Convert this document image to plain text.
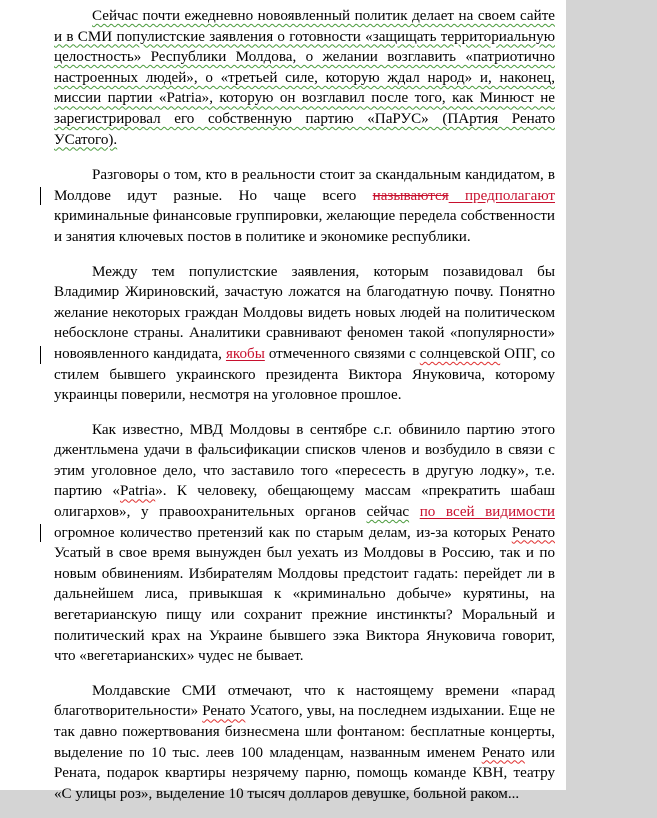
Сейчас почти ежедневно новоявленный политик делает на своем сайте и в СМИ популистские заявления о готовности «защищать территориальную целостность» Республики Молдова, о желании возглавить «патриотично настроенных людей», о «третьей силе, которую ждал народ» и, наконец, миссии партии «Patria», которую он возглавил после того, как Минюст не зарегистрировал его собственную партию «ПаРУС» (ПАртия Ренато УСатого).

Разговоры о том, кто в реальности стоит за скандальным кандидатом, в Молдове идут разные. Но чаще всего называются предполагают криминальные финансовые группировки, желающие передела собственности и занятия ключевых постов в политике и экономике республики.

Между тем популистские заявления, которым позавидовал бы Владимир Жириновский, зачастую ложатся на благодатную почву. Понятно желание некоторых граждан Молдовы видеть новых людей на политическом небосклоне страны. Аналитики сравнивают феномен такой «популярности» новоявленного кандидата, якобы отмеченного связями с солнцевской ОПГ, со стилем бывшего украинского президента Виктора Януковича, которому украинцы поверили, несмотря на уголовное прошлое.

Как известно, МВД Молдовы в сентябре с.г. обвинило партию этого джентльмена удачи в фальсификации списков членов и возбудило в связи с этим уголовное дело, что заставило того «пересесть в другую лодку», т.е. партию «Patria». К человеку, обещающему массам «прекратить шабаш олигархов», у правоохранительных органов сейчас по всей видимости огромное количество претензий как по старым делам, из-за которых Ренато Усатый в свое время вынужден был уехать из Молдовы в Россию, так и по новым обвинениям. Избирателям Молдовы предстоит гадать: перейдет ли в дальнейшем лиса, привыкшая к «криминально добыче» курятины, на вегетарианскую пищу или сохранит прежние инстинкты? Моральный и политический крах на Украине бывшего зэка Виктора Януковича говорит, что «вегетарианских» чудес не бывает.

Молдавские СМИ отмечают, что к настоящему времени «парад благотворительности» Ренато Усатого, увы, на последнем издыхании. Еще не так давно пожертвования бизнесмена шли фонтаном: бесплатные концерты, выделение по 10 тыс. леев 100 младенцам, названным именем Ренато или Рената, подарок квартиры незрячему парню, помощь команде КВН, театру «С улицы роз», выделение 10 тысяч долларов девушке, больной раком...
